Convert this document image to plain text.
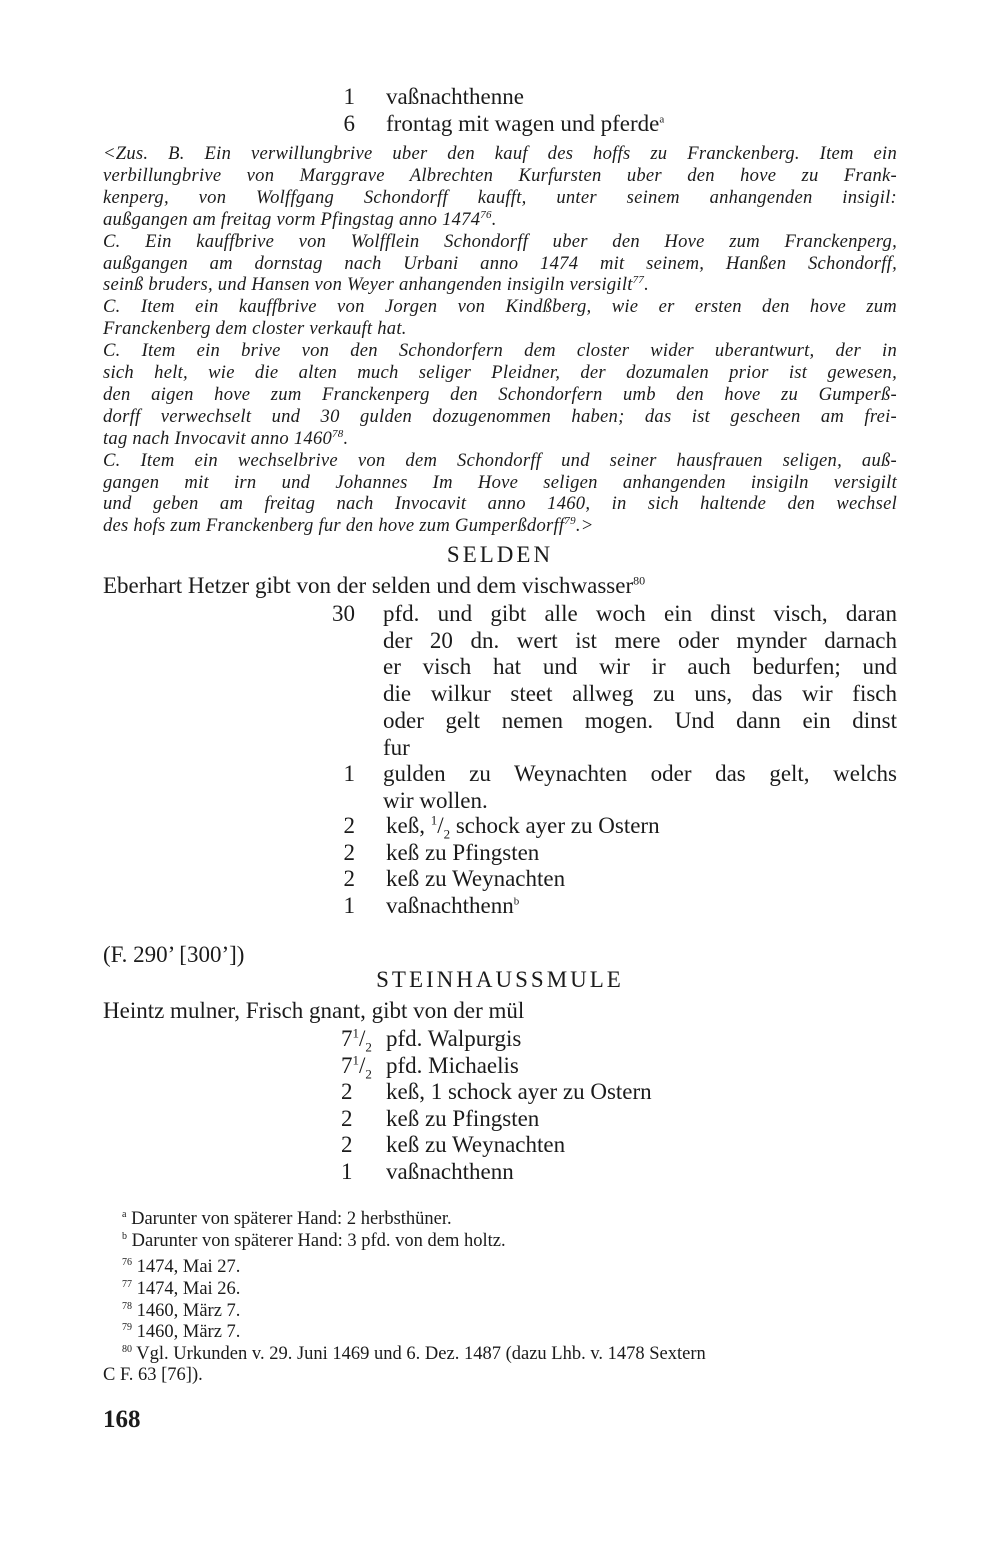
1 vaßnachthenne
6 frontag mit wagen und pferde$^a$
<Zus. B. Ein verwillungbrive uber den kauf des hoffs zu Franckenberg. Item ein
verbillungbrive von Marggrave Albrechten Kurfursten uber den hove zu Frank-
kenperg, von Wolffgang Schondorff kaufft, unter seinem anhangenden insigil:
außgangen am freitag vorm Pfingstag anno 1474$^{76}$.
C. Ein kauffbrive von Wolfflein Schondorff uber den Hove zum Franckenperg,
außgangen am dornstag nach Urbani anno 1474 mit seinem, Hanßen Schondorff,
seinß bruders, und Hansen von Weyer anhangenden insigiln versigilt$^{77}$.
C. Item ein kauffbrive von Jorgen von Kindßberg, wie er ersten den hove zum
Franckenberg dem closter verkauft hat.
C. Item ein brive von den Schondorfern dem closter wider uberantwurt, der in
sich helt, wie die alten much seliger Pleidner, der dozumalen prior ist gewesen,
den aigen hove zum Franckenperg den Schondorfern umb den hove zu Gumperß-
dorff verwechselt und 30 gulden dozugenommen haben; das ist gescheen am frei-
tag nach Invocavit anno 1460$^{78}$.
C. Item ein wechselbrive von dem Schondorff und seiner hausfrauen seligen, auß-
gangen mit irn und Johannes Im Hove seligen anhangenden insigiln versigilt
und geben am freitag nach Invocavit anno 1460, in sich haltende den wechsel
des hofs zum Franckenberg fur den hove zum Gumperßdorff$^{79}$.>
SELDEN
Eberhart Hetzer gibt von der selden und dem vischwasser$^{80}$
30 pfd. und gibt alle woch ein dinst visch, daran
der 20 dn. wert ist mere oder mynder darnach
er visch hat und wir ir auch bedurfen; und
die wilkur steet allweg zu uns, das wir fisch
oder gelt nemen mogen. Und dann ein dinst
fur
1 gulden zu Weynachten oder das gelt, welchs
wir wollen.
2 keß, $^1/_2$ schock ayer zu Ostern
2 keß zu Pfingsten
2 keß zu Weynachten
1 vaßnachthenn$^b$
(F. 290’ [300’])
STEINHAUSSMULE
Heintz mulner, Frisch gnant, gibt von der mül
$7^1/_2$ pfd. Walpurgis
$7^1/_2$ pfd. Michaelis
2 keß, 1 schock ayer zu Ostern
2 keß zu Pfingsten
2 keß zu Weynachten
1 vaßnachthenn
$^a$ Darunter von späterer Hand: 2 herbsthüner.
$^b$ Darunter von späterer Hand: 3 pfd. von dem holtz.
$^{76}$ 1474, Mai 27.
$^{77}$ 1474, Mai 26.
$^{78}$ 1460, März 7.
$^{79}$ 1460, März 7.
$^{80}$ Vgl. Urkunden v. 29. Juni 1469 und 6. Dez. 1487 (dazu Lhb. v. 1478 Sextern
C F. 63 [76]).
168
